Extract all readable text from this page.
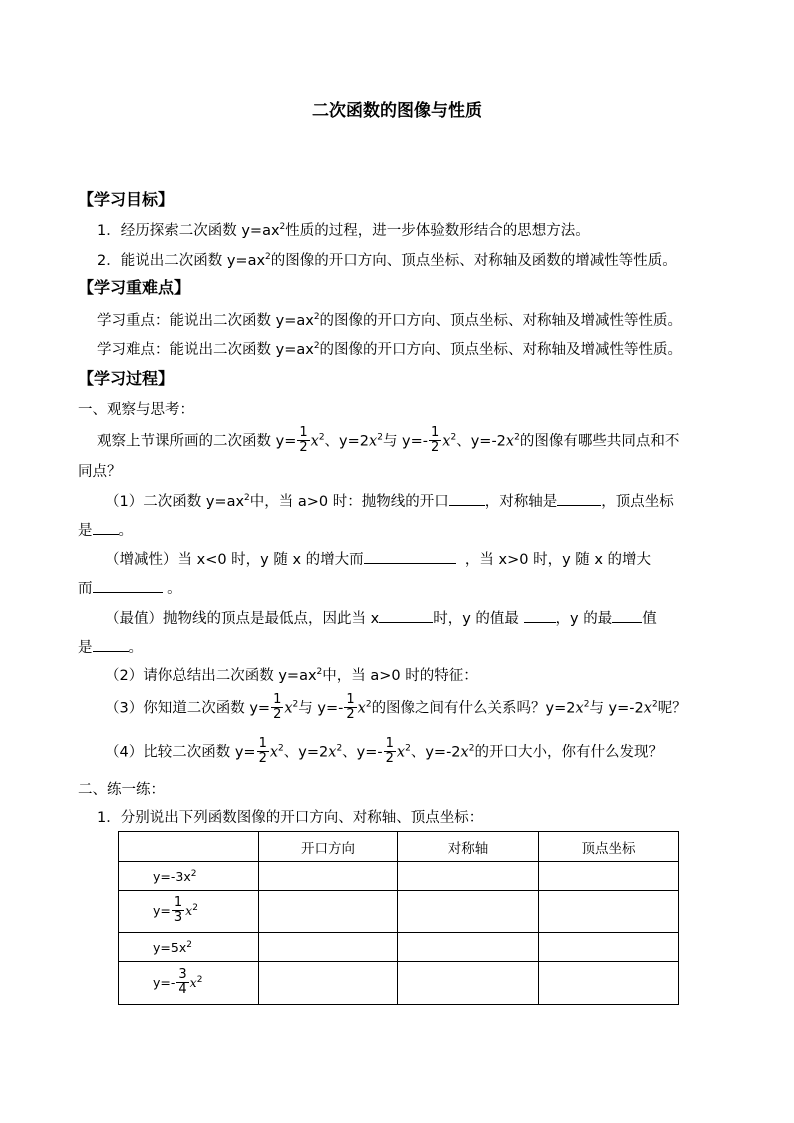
二次函数的图像与性质
【学习目标】
1．经历探索二次函数 $y=ax^2$性质的过程，进一步体验数形结合的思想方法。
2．能说出二次函数 $y=ax^2$的图像的开口方向、顶点坐标、对称轴及函数的增减性等性质。
【学习重难点】
学习重点：能说出二次函数 $y=ax^2$的图像的开口方向、顶点坐标、对称轴及增减性等性质。
学习难点：能说出二次函数 $y=ax^2$的图像的开口方向、顶点坐标、对称轴及增减性等性质。
【学习过程】
一、观察与思考：
观察上节课所画的二次函数 $y= \frac{1}{2} x^2$、$y=2x^2$与 $y=- \frac{1}{2} x^2$、$y=-2x^2$的图像有哪些共同点和不
同点？
（1）二次函数 $y=ax^2$中，当 a>0 时：抛物线的开口 ，对称轴是	，顶点坐标
是 。
（增减性）当 x<0 时，y 随 x 的增大而	，当 x>0 时，y 随 x 的增大
而	。
（最值）抛物线的顶点是最低点，因此当 x	时，y 的值最	，y 的最 值
是 。
（2）请你总结出二次函数 $y=ax^2$中，当 a>0 时的特征：
（3）你知道二次函数 $y= \frac{1}{2} x^2$与 $y=- \frac{1}{2} x^2$的图像之间有什么关系吗？$y=2x^2$与 $y=-2x^2$呢？
（4）比较二次函数 $y= \frac{1}{2} x^2$、$y=2x^2$、$y=- \frac{1}{2} x^2$、$y=-2x^2$的开口大小，你有什么发现？
二、练一练：
1．分别说出下列函数图像的开口方向、对称轴、顶点坐标：
	开口方向	对称轴	顶点坐标
$y=-3x^2$			
$y= \frac{1}{3} x^2$			
$y=5x^2$			
$y=- \frac{3}{4} x^2$			
